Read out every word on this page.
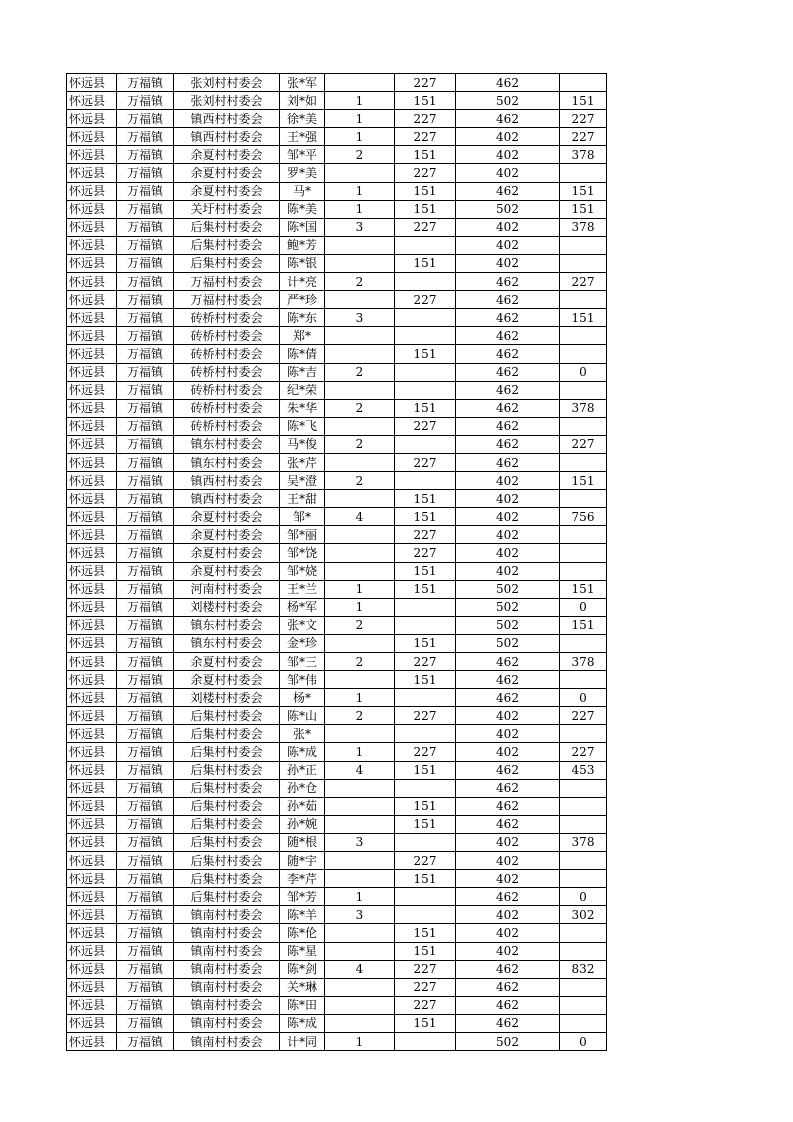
怀远县	万福镇	张刘村村委会	张*军		227	462	
怀远县	万福镇	张刘村村委会	刘*如	1	151	502	151
怀远县	万福镇	镇西村村委会	徐*美	1	227	462	227
怀远县	万福镇	镇西村村委会	王*强	1	227	402	227
怀远县	万福镇	余夏村村委会	邹*平	2	151	402	378
怀远县	万福镇	余夏村村委会	罗*美		227	402	
怀远县	万福镇	余夏村村委会	马*	1	151	462	151
怀远县	万福镇	关圩村村委会	陈*美	1	151	502	151
怀远县	万福镇	后集村村委会	陈*国	3	227	402	378
怀远县	万福镇	后集村村委会	鲍*芳			402	
怀远县	万福镇	后集村村委会	陈*银		151	402	
怀远县	万福镇	万福村村委会	计*亮	2		462	227
怀远县	万福镇	万福村村委会	严*珍		227	462	
怀远县	万福镇	砖桥村村委会	陈*东	3		462	151
怀远县	万福镇	砖桥村村委会	郑*			462	
怀远县	万福镇	砖桥村村委会	陈*倩		151	462	
怀远县	万福镇	砖桥村村委会	陈*吉	2		462	0
怀远县	万福镇	砖桥村村委会	纪*荣			462	
怀远县	万福镇	砖桥村村委会	朱*华	2	151	462	378
怀远县	万福镇	砖桥村村委会	陈*飞		227	462	
怀远县	万福镇	镇东村村委会	马*俊	2		462	227
怀远县	万福镇	镇东村村委会	张*芹		227	462	
怀远县	万福镇	镇西村村委会	吴*澄	2		402	151
怀远县	万福镇	镇西村村委会	王*甜		151	402	
怀远县	万福镇	余夏村村委会	邹*	4	151	402	756
怀远县	万福镇	余夏村村委会	邹*丽		227	402	
怀远县	万福镇	余夏村村委会	邹*饶		227	402	
怀远县	万福镇	余夏村村委会	邹*娆		151	402	
怀远县	万福镇	河南村村委会	王*兰	1	151	502	151
怀远县	万福镇	刘楼村村委会	杨*军	1		502	0
怀远县	万福镇	镇东村村委会	张*文	2		502	151
怀远县	万福镇	镇东村村委会	金*珍		151	502	
怀远县	万福镇	余夏村村委会	邹*三	2	227	462	378
怀远县	万福镇	余夏村村委会	邹*伟		151	462	
怀远县	万福镇	刘楼村村委会	杨*	1		462	0
怀远县	万福镇	后集村村委会	陈*山	2	227	402	227
怀远县	万福镇	后集村村委会	张*			402	
怀远县	万福镇	后集村村委会	陈*成	1	227	402	227
怀远县	万福镇	后集村村委会	孙*正	4	151	462	453
怀远县	万福镇	后集村村委会	孙*仓			462	
怀远县	万福镇	后集村村委会	孙*茹		151	462	
怀远县	万福镇	后集村村委会	孙*婉		151	462	
怀远县	万福镇	后集村村委会	随*根	3		402	378
怀远县	万福镇	后集村村委会	随*宇		227	402	
怀远县	万福镇	后集村村委会	李*芹		151	402	
怀远县	万福镇	后集村村委会	邹*芳	1		462	0
怀远县	万福镇	镇南村村委会	陈*羊	3		402	302
怀远县	万福镇	镇南村村委会	陈*伦		151	402	
怀远县	万福镇	镇南村村委会	陈*星		151	402	
怀远县	万福镇	镇南村村委会	陈*剑	4	227	462	832
怀远县	万福镇	镇南村村委会	关*琳		227	462	
怀远县	万福镇	镇南村村委会	陈*田		227	462	
怀远县	万福镇	镇南村村委会	陈*成		151	462	
怀远县	万福镇	镇南村村委会	计*同	1		502	0
